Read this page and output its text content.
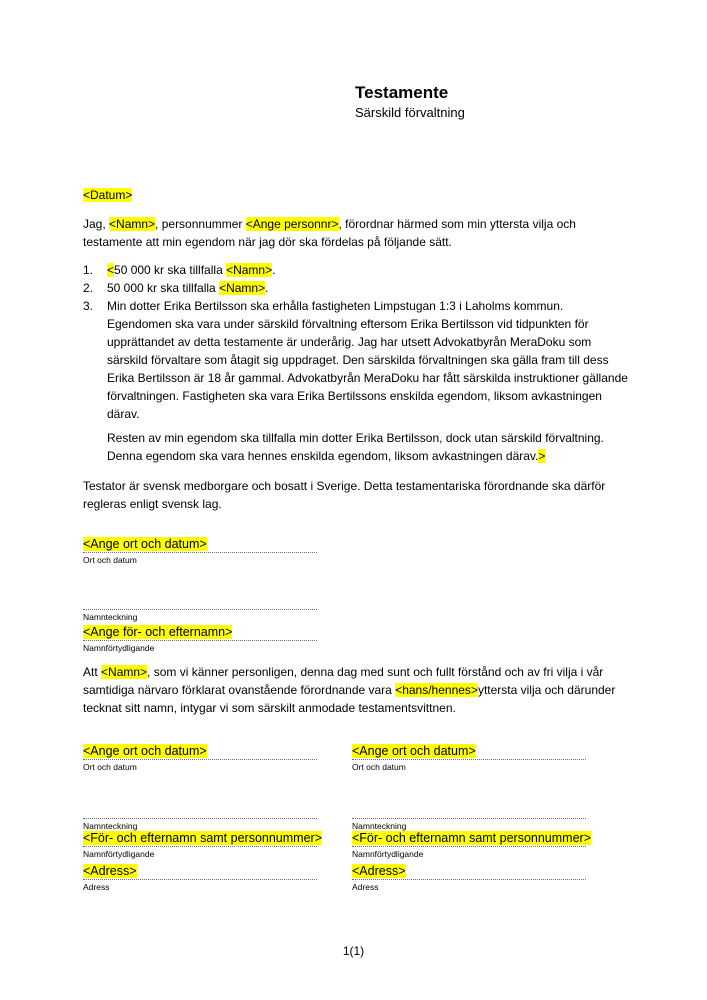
Testamente
Särskild förvaltning
<Datum>
Jag, <Namn>, personnummer <Ange personnr>, förordnar härmed som min yttersta vilja och testamente att min egendom när jag dör ska fördelas på följande sätt.
1.	<50 000 kr ska tillfalla <Namn>.
2.	50 000 kr ska tillfalla <Namn>.
3.	Min dotter Erika Bertilsson ska erhålla fastigheten Limpstugan 1:3 i Laholms kommun. Egendomen ska vara under särskild förvaltning eftersom Erika Bertilsson vid tidpunkten för upprättandet av detta testamente är underårig. Jag har utsett Advokatbyrån MeraDoku som särskild förvaltare som åtagit sig uppdraget. Den särskilda förvaltningen ska gälla fram till dess Erika Bertilsson är 18 år gammal. Advokatbyrån MeraDoku har fått särskilda instruktioner gällande förvaltningen. Fastigheten ska vara Erika Bertilssons enskilda egendom, liksom avkastningen därav.
Resten av min egendom ska tillfalla min dotter Erika Bertilsson, dock utan särskild förvaltning. Denna egendom ska vara hennes enskilda egendom, liksom avkastningen därav.>
Testator är svensk medborgare och bosatt i Sverige. Detta testamentariska förordnande ska därför regleras enligt svensk lag.
<Ange ort och datum>
Ort och datum
Namnteckning
<Ange för- och efternamn>
Namnförtydligande
Att <Namn>, som vi känner personligen, denna dag med sunt och fullt förstånd och av fri vilja i vår samtidiga närvaro förklarat ovanstående förordnande vara <hans/hennes>yttersta vilja och därunder tecknat sitt namn, intygar vi som särskilt anmodade testamentsvittnen.
<Ange ort och datum>
Ort och datum
Namnteckning
<För- och efternamn samt personnummer>
Namnförtydligande
<Adress>
Adress
<Ange ort och datum>
Ort och datum
Namnteckning
<För- och efternamn samt personnummer>
Namnförtydligande
<Adress>
Adress
1(1)
